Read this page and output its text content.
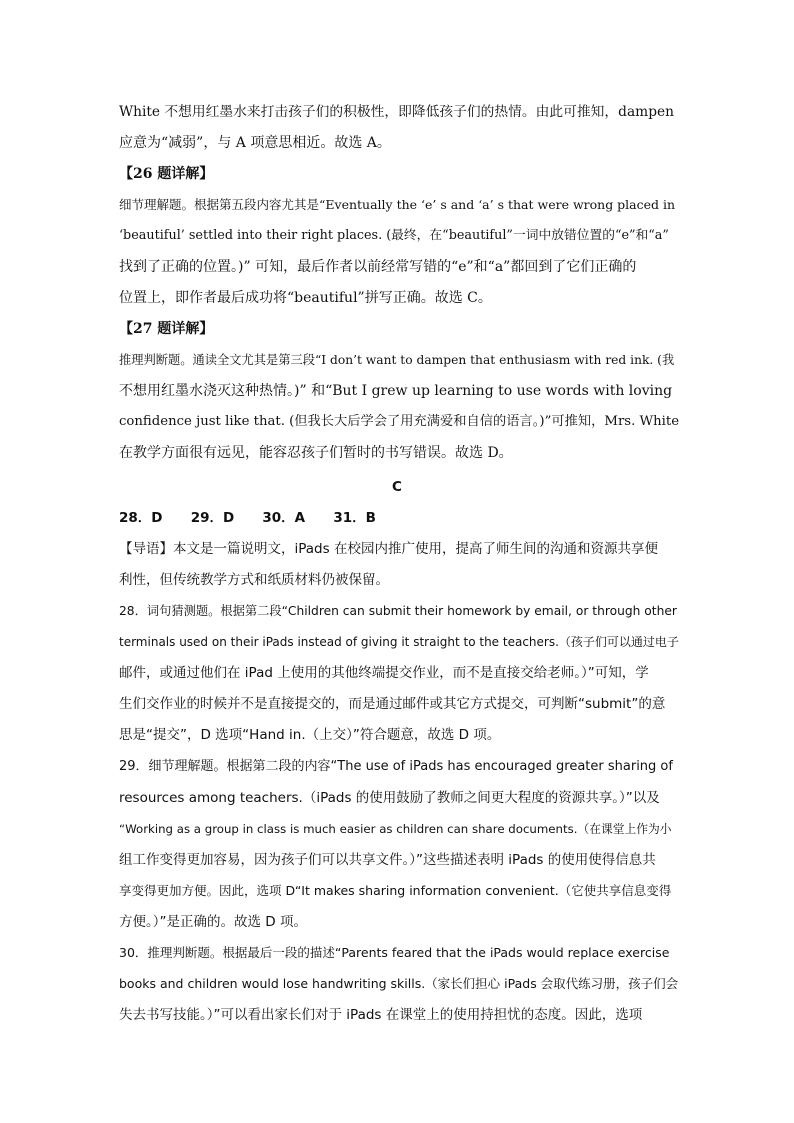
White 不想用红墨水来打击孩子们的积极性，即降低孩子们的热情。由此可推知，dampen
应意为“减弱”，与 A 项意思相近。故选 A。
【26 题详解】
细节理解题。根据第五段内容尤其是“Eventually the ‘e’ s and ‘a’ s that were wrong placed in
‘beautiful’ settled into their right places. (最终，在“beautiful”一词中放错位置的“e”和“a”
找到了正确的位置。)” 可知，最后作者以前经常写错的“e”和“a”都回到了它们正确的
位置上，即作者最后成功将“beautiful”拼写正确。故选 C。
【27 题详解】
推理判断题。通读全文尤其是第三段“I don’t want to dampen that enthusiasm with red ink. (我
不想用红墨水浇灭这种热情。)” 和“But I grew up learning to use words with loving
confidence just like that. (但我长大后学会了用充满爱和自信的语言。)”可推知，Mrs. White
在教学方面很有远见，能容忍孩子们暂时的书写错误。故选 D。
C
28．D      29．D      30．A      31．B
【导语】本文是一篇说明文，iPads 在校园内推广使用，提高了师生间的沟通和资源共享便
利性，但传统教学方式和纸质材料仍被保留。
28．词句猜测题。根据第二段“Children can submit their homework by email, or through other
terminals used on their iPads instead of giving it straight to the teachers.（孩子们可以通过电子
邮件，或通过他们在 iPad 上使用的其他终端提交作业，而不是直接交给老师。）”可知，学
生们交作业的时候并不是直接提交的，而是通过邮件或其它方式提交，可判断“submit”的意
思是“提交”，D 选项“Hand in.（上交）”符合题意，故选 D 项。
29．细节理解题。根据第二段的内容“The use of iPads has encouraged greater sharing of
resources among teachers.（iPads 的使用鼓励了教师之间更大程度的资源共享。）”以及
“Working as a group in class is much easier as children can share documents.（在课堂上作为小
组工作变得更加容易，因为孩子们可以共享文件。）”这些描述表明 iPads 的使用使得信息共
享变得更加方便。因此，选项 D“It makes sharing information convenient.（它使共享信息变得
方便。）”是正确的。故选 D 项。
30．推理判断题。根据最后一段的描述“Parents feared that the iPads would replace exercise
books and children would lose handwriting skills.（家长们担心 iPads 会取代练习册，孩子们会
失去书写技能。）”可以看出家长们对于 iPads 在课堂上的使用持担忧的态度。因此，选项
